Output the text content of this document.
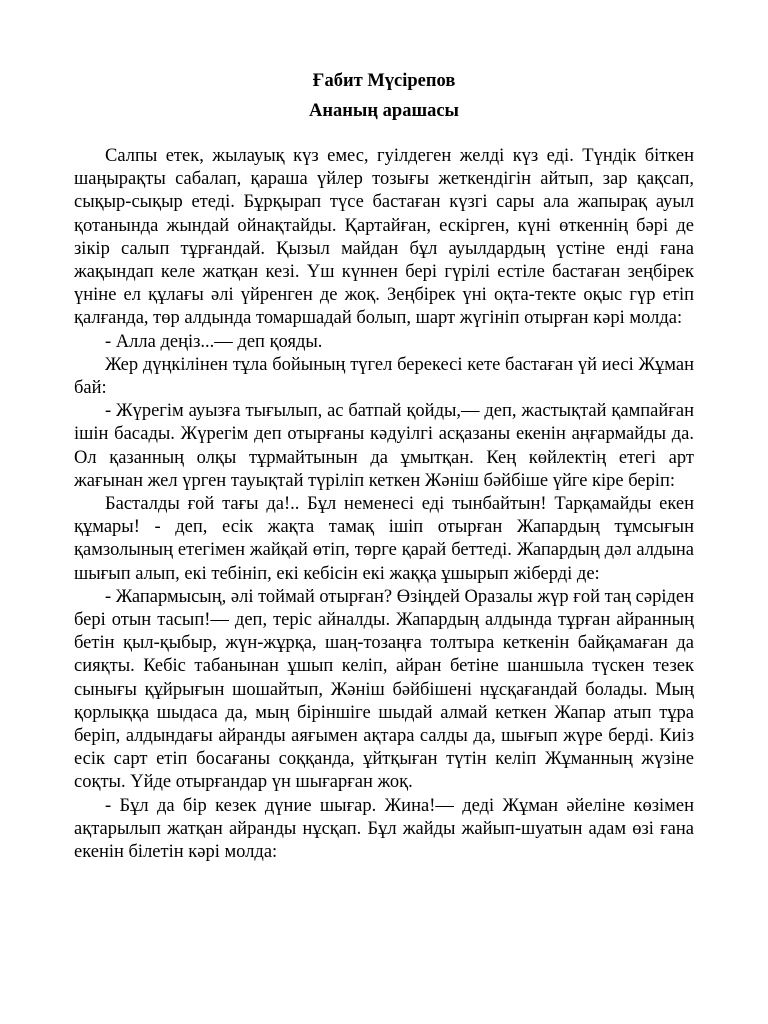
Ғабит Мүсірепов

Ананың арашасы

Салпы етек, жылауық күз емес, гуілдеген желді күз еді. Түндік біткен шаңырақты сабалап, қараша үйлер тозығы жеткендігін айтып, зар қақсап, сықыр-сықыр етеді. Бұрқырап түсе бастаған күзгі сары ала жапырақ ауыл қотанында жындай ойнақтайды. Қартайған, ескірген, күні өткеннің бәрі де зікір салып тұрғандай. Қызыл майдан бұл ауылдардың үстіне енді ғана жақындап келе жатқан кезі. Үш күннен бері гүрілі естіле бастаған зеңбірек үніне ел құлағы әлі үйренген де жоқ. Зеңбірек үні оқта-текте оқыс гүр етіп қалғанда, төр алдында томаршадай болып, шарт жүгініп отырған кәрі молда:

- Алла деңіз...— деп қояды.

Жер дүңкілінен тұла бойының түгел берекесі кете бастаған үй иесі Жұман бай:

- Жүрегім ауызға тығылып, ас батпай қойды,— деп, жастықтай қампайған ішін басады. Жүрегім деп отырғаны кәдуілгі асқазаны екенін аңғармайды да. Ол қазанның олқы тұрмайтынын да ұмытқан. Кең көйлектің етегі арт жағынан жел үрген тауықтай түріліп кеткен Жәніш бәйбіше үйге кіре беріп:

Басталды ғой тағы да!.. Бұл неменесі еді тынбайтын! Тарқамайды екен құмары! - деп, есік жақта тамақ ішіп отырған Жапардың тұмсығын қамзолының етегімен жайқай өтіп, төрге қарай беттеді. Жапардың дәл алдына шығып алып, екі тебініп, екі кебісін екі жаққа ұшырып жіберді де:

- Жапармысың, әлі тоймай отырған? Өзіңдей Оразалы жүр ғой таң сәріден бері отын тасып!— деп, теріс айналды. Жапардың алдында тұрған айранның бетін қыл-қыбыр, жүн-жұрқа, шаң-тозаңға толтыра кеткенін байқамаған да сияқты. Кебіс табанынан ұшып келіп, айран бетіне шаншыла түскен тезек сынығы құйрығын шошайтып, Жәніш бәйбішені нұсқағандай болады. Мың қорлыққа шыдаса да, мың біріншіге шыдай алмай кеткен Жапар атып тұра беріп, алдындағы айранды аяғымен ақтара салды да, шығып жүре берді. Киіз есік сарт етіп босағаны соққанда, ұйтқыған түтін келіп Жұманның жүзіне соқты. Үйде отырғандар үн шығарған жоқ.

- Бұл да бір кезек дүние шығар. Жина!— деді Жұман әйеліне көзімен ақтарылып жатқан айранды нұсқап. Бұл жайды жайып-шуатын адам өзі ғана екенін білетін кәрі молда:
